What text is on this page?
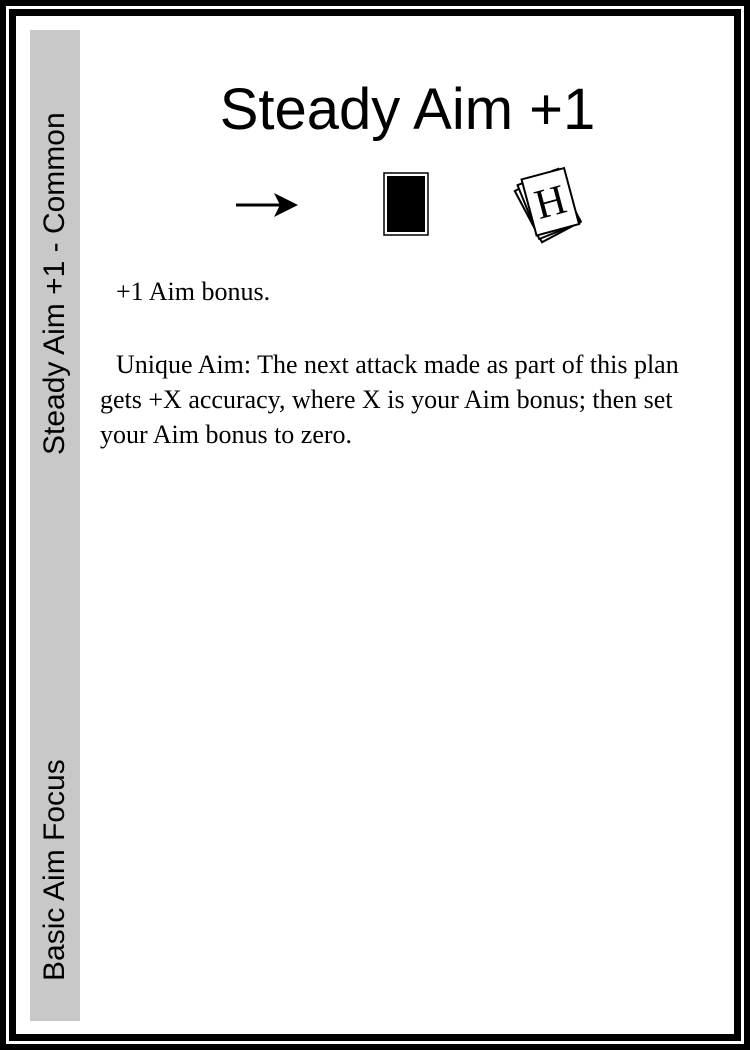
Steady Aim +1 - Common
Basic Aim Focus
Steady Aim +1
H

+1 Aim bonus.

Unique Aim: The next attack made as part of this plan gets +X accuracy, where X is your Aim bonus; then set your Aim bonus to zero.
